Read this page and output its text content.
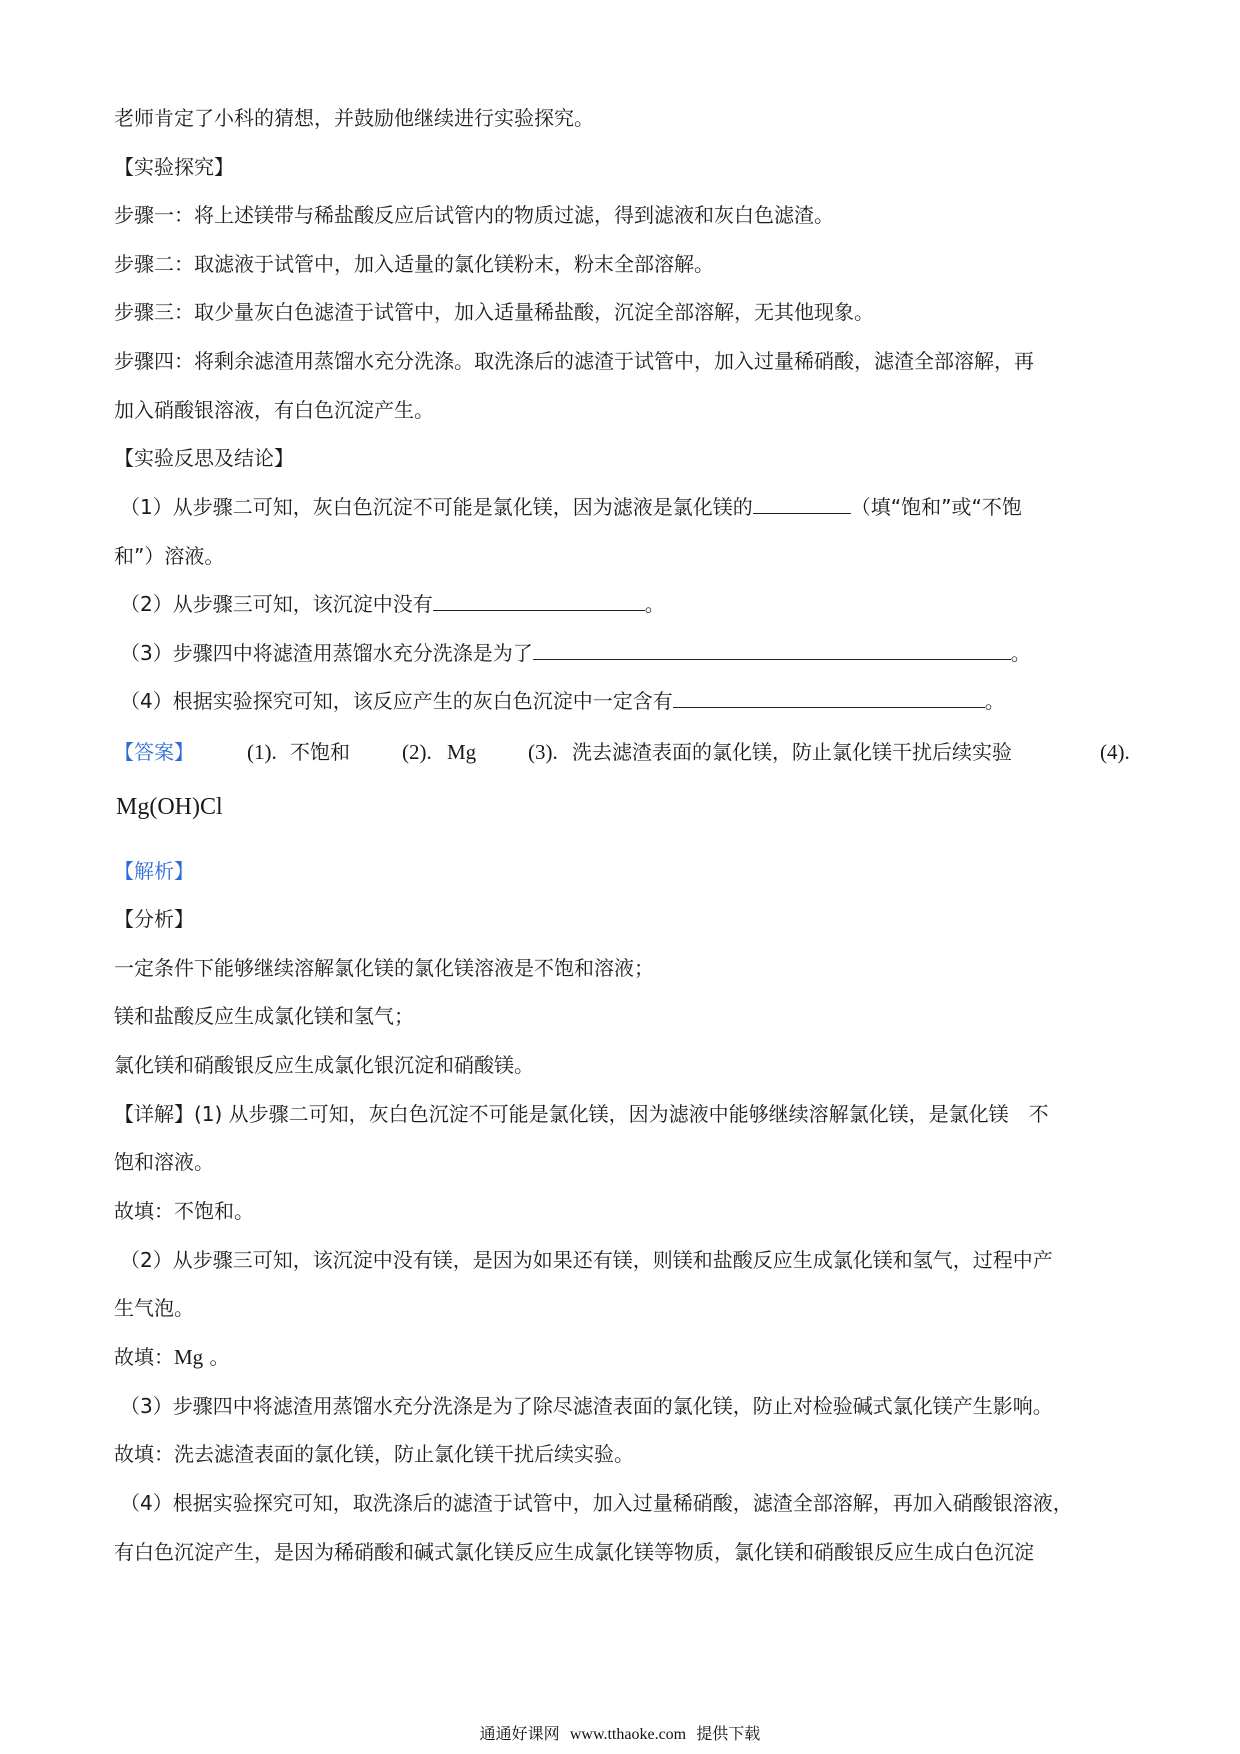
老师肯定了小科的猜想，并鼓励他继续进行实验探究。
【实验探究】
步骤一：将上述镁带与稀盐酸反应后试管内的物质过滤，得到滤液和灰白色滤渣。
步骤二：取滤液于试管中，加入适量的氯化镁粉末，粉末全部溶解。
步骤三：取少量灰白色滤渣于试管中，加入适量稀盐酸，沉淀全部溶解，无其他现象。
步骤四：将剩余滤渣用蒸馏水充分洗涤。取洗涤后的滤渣于试管中，加入过量稀硝酸，滤渣全部溶解，再
加入硝酸银溶液，有白色沉淀产生。
【实验反思及结论】
（1）从步骤二可知，灰白色沉淀不可能是氯化镁，因为滤液是氯化镁的	（填“饱和”或“不饱
和”）溶液。
（2）从步骤三可知，该沉淀中没有	。
（3）步骤四中将滤渣用蒸馏水充分洗涤是为了	。
（4）根据实验探究可知，该反应产生的灰白色沉淀中一定含有	。
【答案】	(1). 不饱和 (2). Mg (3). 洗去滤渣表面的氯化镁，防止氯化镁干扰后续实验	(4).
Mg(OH)Cl
【解析】
【分析】
一定条件下能够继续溶解氯化镁的氯化镁溶液是不饱和溶液；
镁和盐酸反应生成氯化镁和氢气；
氯化镁和硝酸银反应生成氯化银沉淀和硝酸镁。
【详解】(1) 从步骤二可知，灰白色沉淀不可能是氯化镁，因为滤液中能够继续溶解氯化镁，是氯化镁　不
饱和溶液。
故填：不饱和。
（2）从步骤三可知，该沉淀中没有镁，是因为如果还有镁，则镁和盐酸反应生成氯化镁和氢气，过程中产
生气泡。
故填：Mg 。
（3）步骤四中将滤渣用蒸馏水充分洗涤是为了除尽滤渣表面的氯化镁，防止对检验碱式氯化镁产生影响。
故填：洗去滤渣表面的氯化镁，防止氯化镁干扰后续实验。
（4）根据实验探究可知，取洗涤后的滤渣于试管中，加入过量稀硝酸，滤渣全部溶解，再加入硝酸银溶液，
有白色沉淀产生，是因为稀硝酸和碱式氯化镁反应生成氯化镁等物质，氯化镁和硝酸银反应生成白色沉淀
通通好课网 www.tthaoke.com 提供下载
